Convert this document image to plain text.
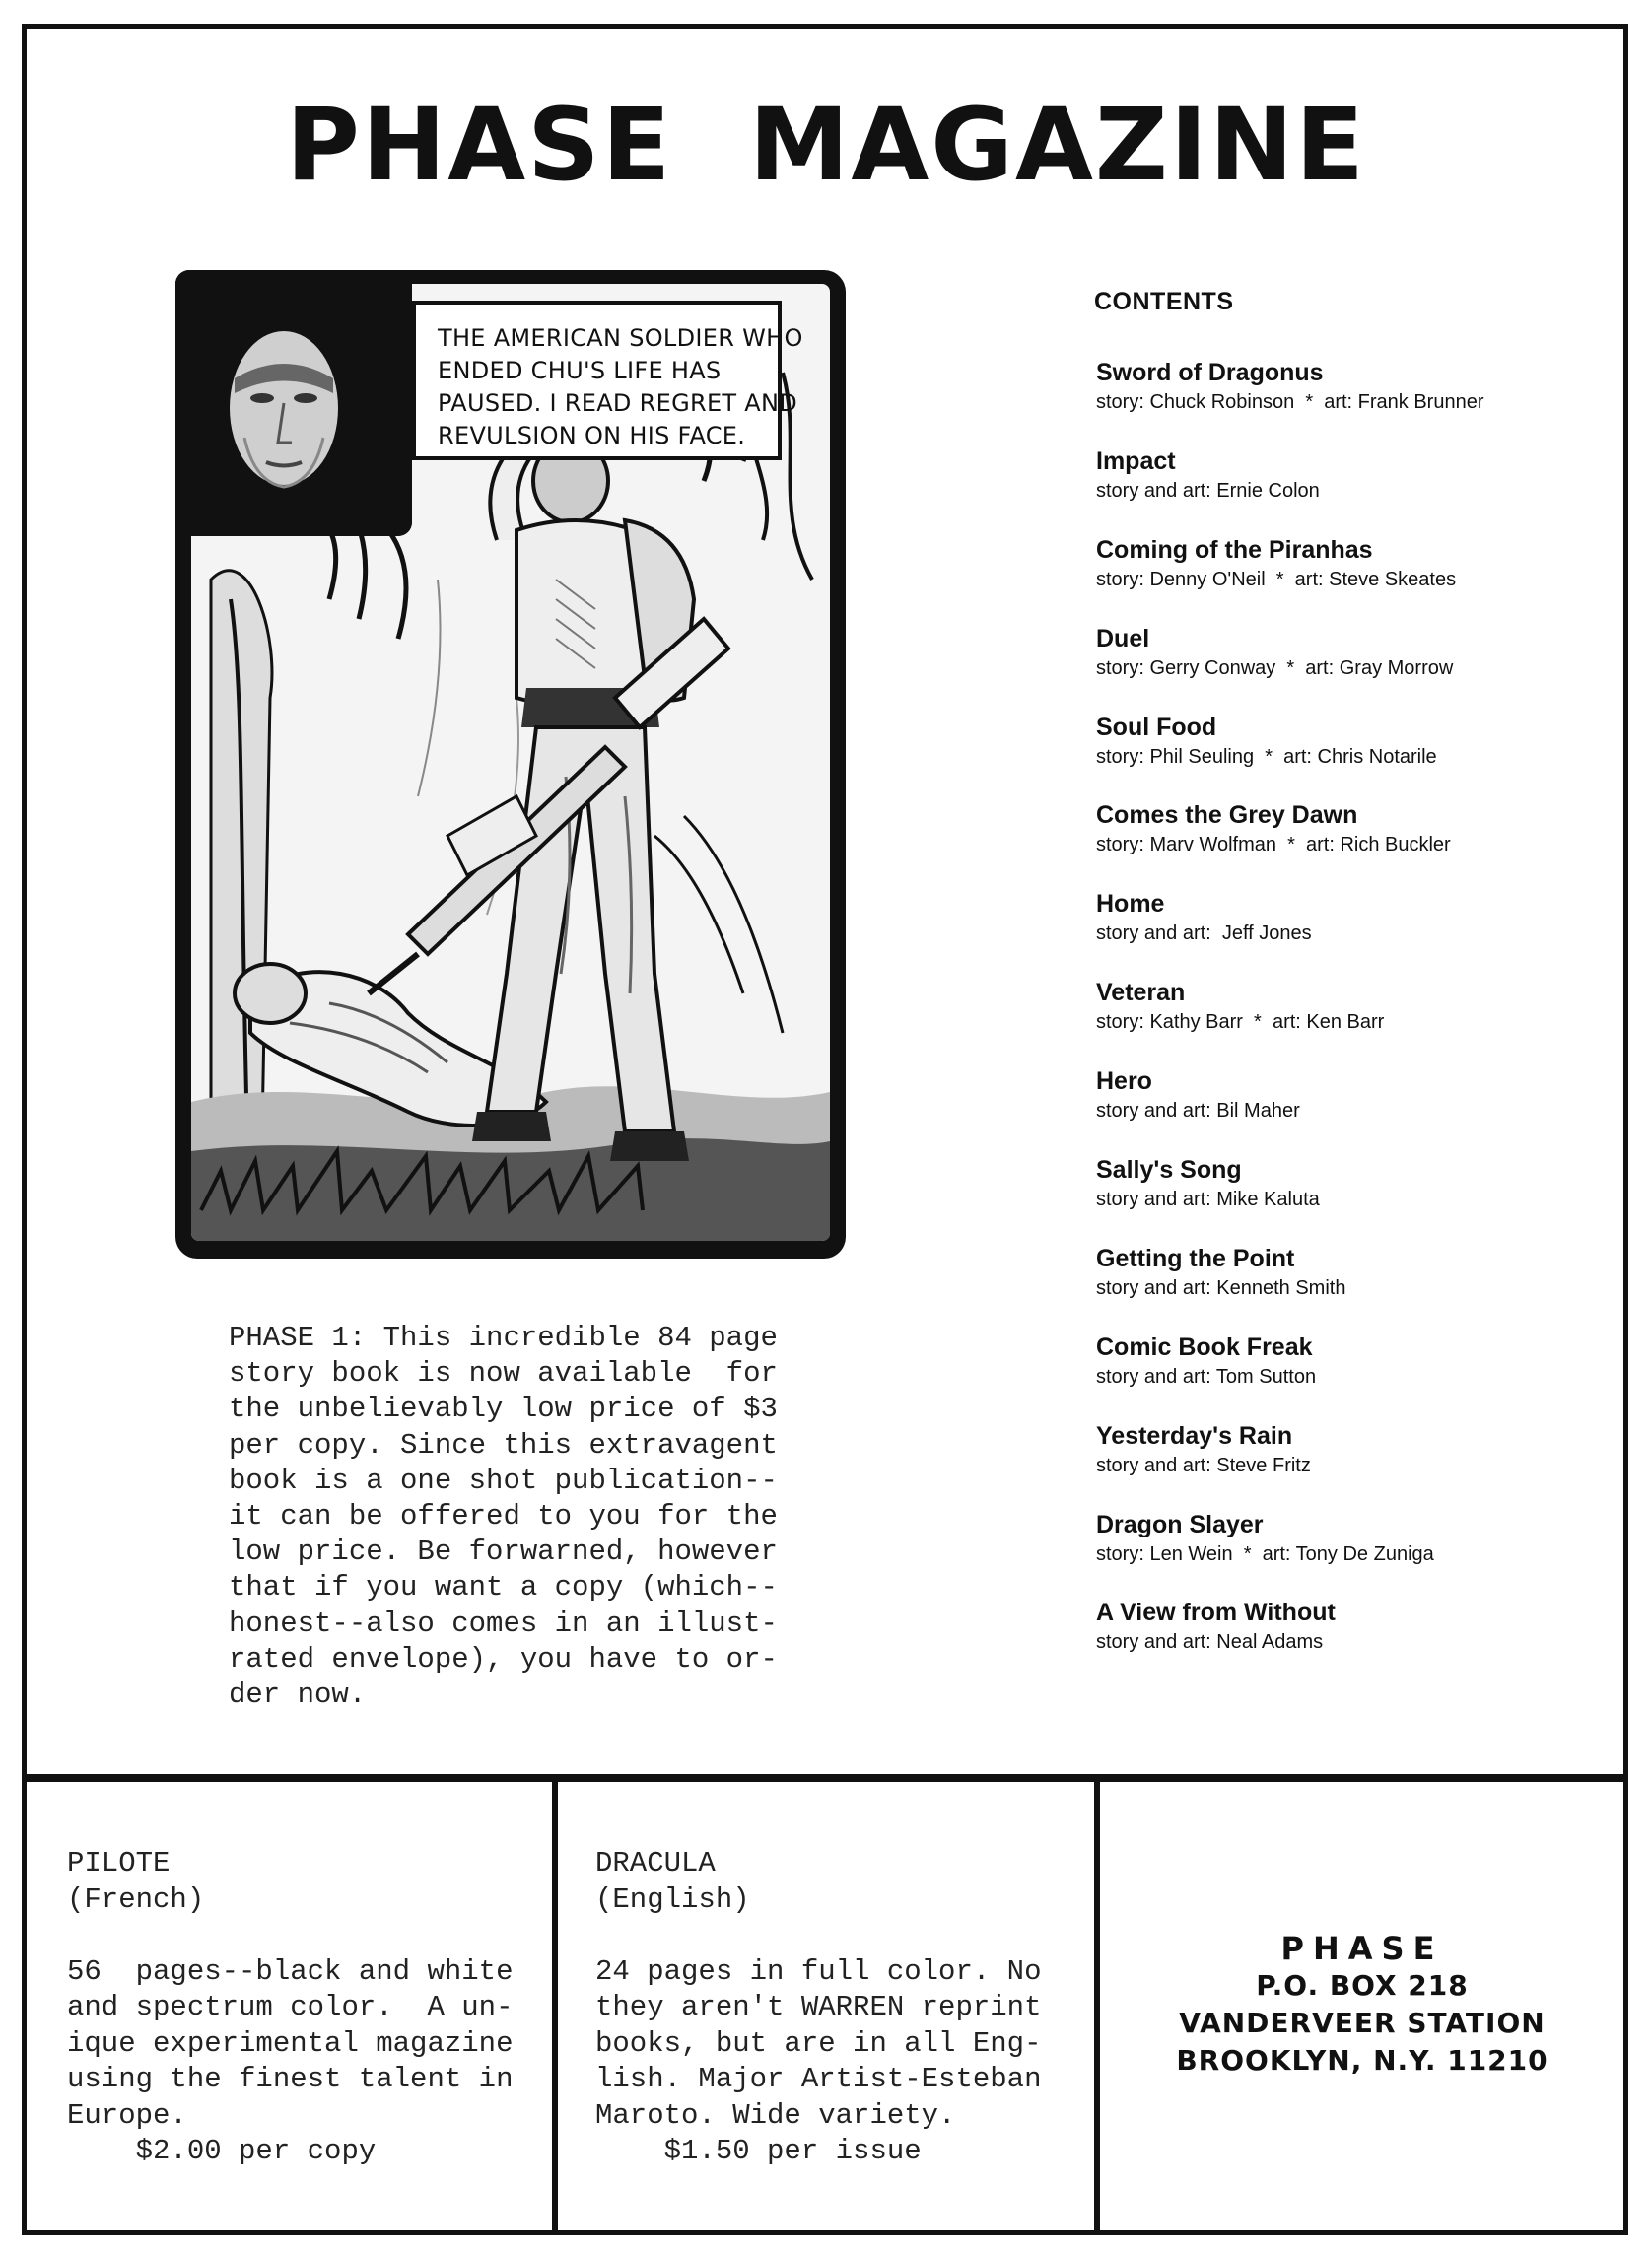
PHASE MAGAZINE
THE AMERICAN SOLDIER WHO
ENDED CHU'S LIFE HAS
PAUSED. I READ REGRET AND
REVULSION ON HIS FACE.
PHASE 1: This incredible 84 page
story book is now available  for
the unbelievably low price of $3
per copy. Since this extravagent
book is a one shot publication--
it can be offered to you for the
low price. Be forwarned, however
that if you want a copy (which--
honest--also comes in an illust-
rated envelope), you have to or-
der now.
CONTENTS
Sword of Dragonus
story: Chuck Robinson  *  art: Frank Brunner
Impact
story and art: Ernie Colon
Coming of the Piranhas
story: Denny O'Neil  *  art: Steve Skeates
Duel
story: Gerry Conway  *  art: Gray Morrow
Soul Food
story: Phil Seuling  *  art: Chris Notarile
Comes the Grey Dawn
story: Marv Wolfman  *  art: Rich Buckler
Home
story and art:  Jeff Jones
Veteran
story: Kathy Barr  *  art: Ken Barr
Hero
story and art: Bil Maher
Sally's Song
story and art: Mike Kaluta
Getting the Point
story and art: Kenneth Smith
Comic Book Freak
story and art: Tom Sutton
Yesterday's Rain
story and art: Steve Fritz
Dragon Slayer
story: Len Wein  *  art: Tony De Zuniga
A View from Without
story and art: Neal Adams
PILOTE
(French)

56  pages--black and white
and spectrum color.  A un-
ique experimental magazine
using the finest talent in
Europe.
$2.00 per copy
DRACULA
(English)

24 pages in full color. No
they aren't WARREN reprint
books, but are in all Eng-
lish. Major Artist-Esteban
Maroto. Wide variety.
$1.50 per issue
PHASE
P.O. BOX 218
VANDERVEER STATION
BROOKLYN, N.Y. 11210
